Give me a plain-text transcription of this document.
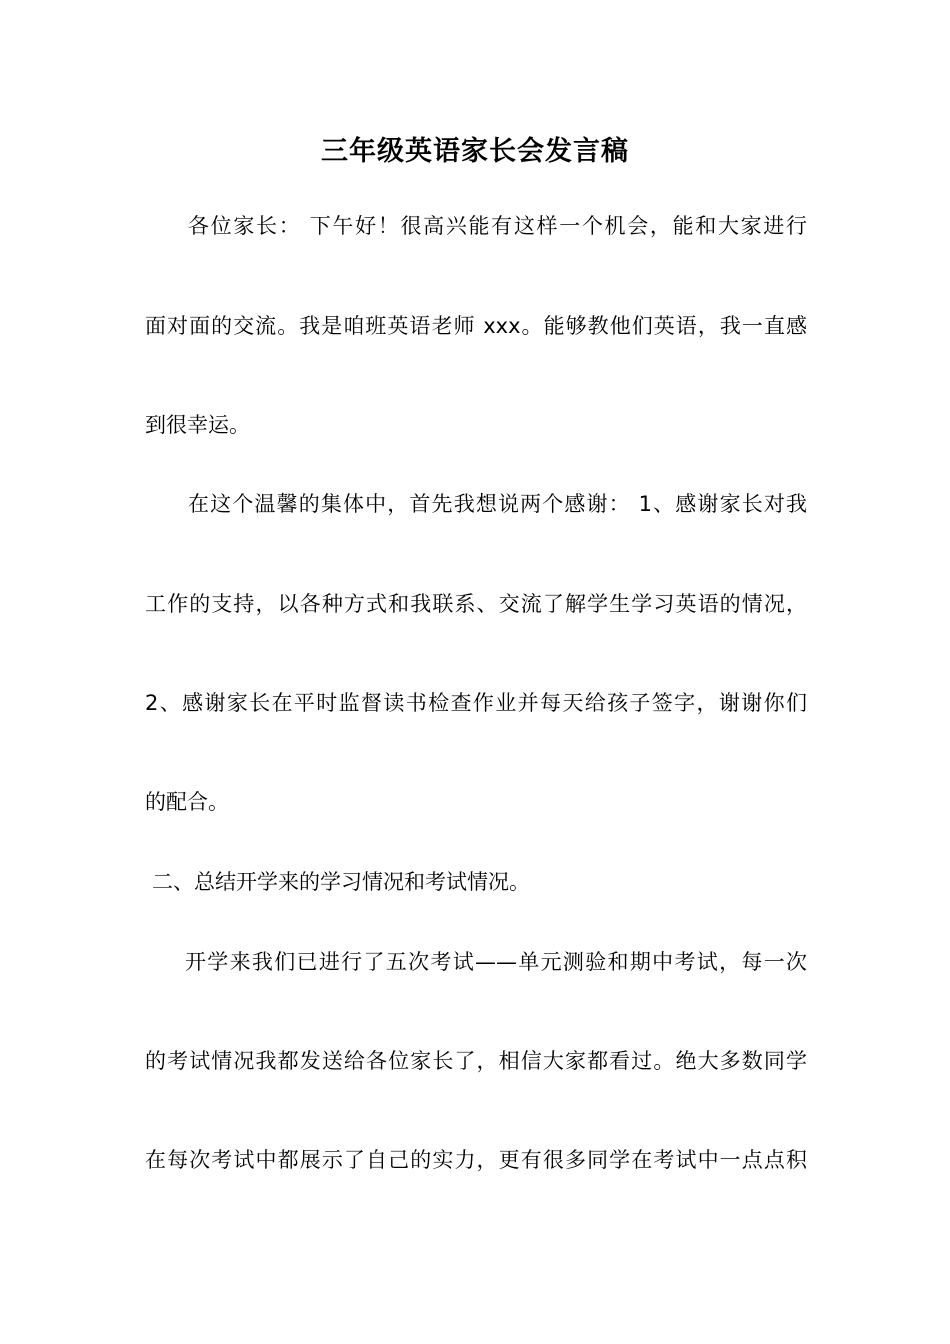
三年级英语家长会发言稿
各位家长： 下午好！很高兴能有这样一个机会，能和大家进行
面对面的交流。我是咱班英语老师 xxx。能够教他们英语，我一直感
到很幸运。
在这个温馨的集体中，首先我想说两个感谢： 1、感谢家长对我
工作的支持，以各种方式和我联系、交流了解学生学习英语的情况，
2、感谢家长在平时监督读书检查作业并每天给孩子签字，谢谢你们
的配合。
二、总结开学来的学习情况和考试情况。
开学来我们已进行了五次考试——单元测验和期中考试，每一次
的考试情况我都发送给各位家长了，相信大家都看过。绝大多数同学
在每次考试中都展示了自己的实力，更有很多同学在考试中一点点积
